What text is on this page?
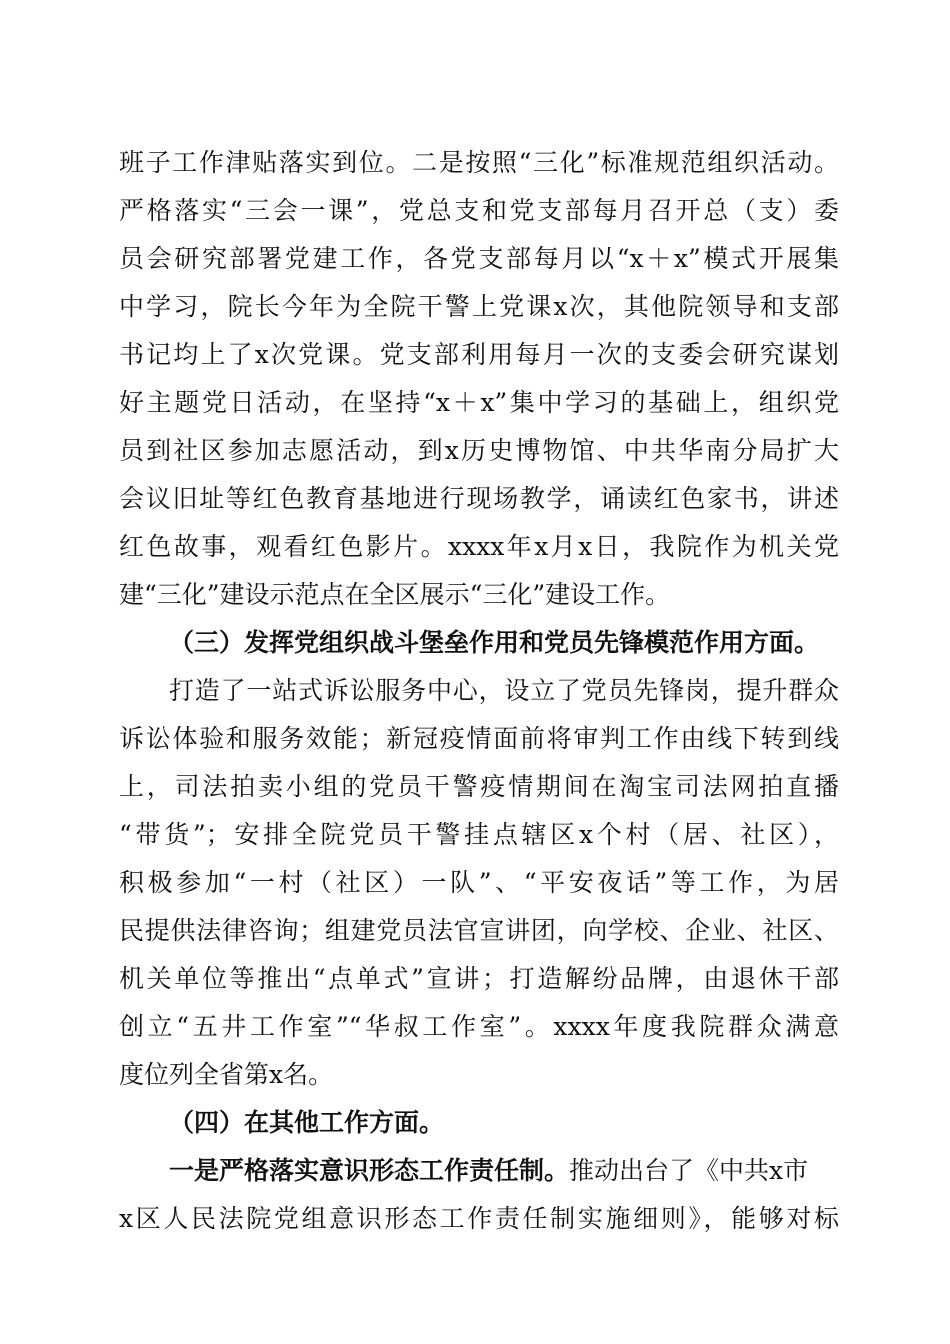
班子工作津贴落实到位。二是按照“三化”标准规范组织活动。
严格落实“三会一课”，党总支和党支部每月召开总（支）委
员会研究部署党建工作，各党支部每月以“x＋x”模式开展集
中学习，院长今年为全院干警上党课x次，其他院领导和支部
书记均上了x次党课。党支部利用每月一次的支委会研究谋划
好主题党日活动，在坚持“x＋x”集中学习的基础上，组织党
员到社区参加志愿活动，到x历史博物馆、中共华南分局扩大
会议旧址等红色教育基地进行现场教学，诵读红色家书，讲述
红色故事，观看红色影片。xxxx年x月x日，我院作为机关党
建“三化”建设示范点在全区展示“三化”建设工作。
（三）发挥党组织战斗堡垒作用和党员先锋模范作用方面。
打造了一站式诉讼服务中心，设立了党员先锋岗，提升群众
诉讼体验和服务效能；新冠疫情面前将审判工作由线下转到线
上，司法拍卖小组的党员干警疫情期间在淘宝司法网拍直播
“带货”；安排全院党员干警挂点辖区x个村（居、社区），
积极参加“一村（社区）一队”、“平安夜话”等工作，为居
民提供法律咨询；组建党员法官宣讲团，向学校、企业、社区、
机关单位等推出“点单式”宣讲；打造解纷品牌，由退休干部
创立“五井工作室”“华叔工作室”。xxxx年度我院群众满意
度位列全省第x名。
（四）在其他工作方面。
一是严格落实意识形态工作责任制。推动出台了《中共x市
x区人民法院党组意识形态工作责任制实施细则》，能够对标
